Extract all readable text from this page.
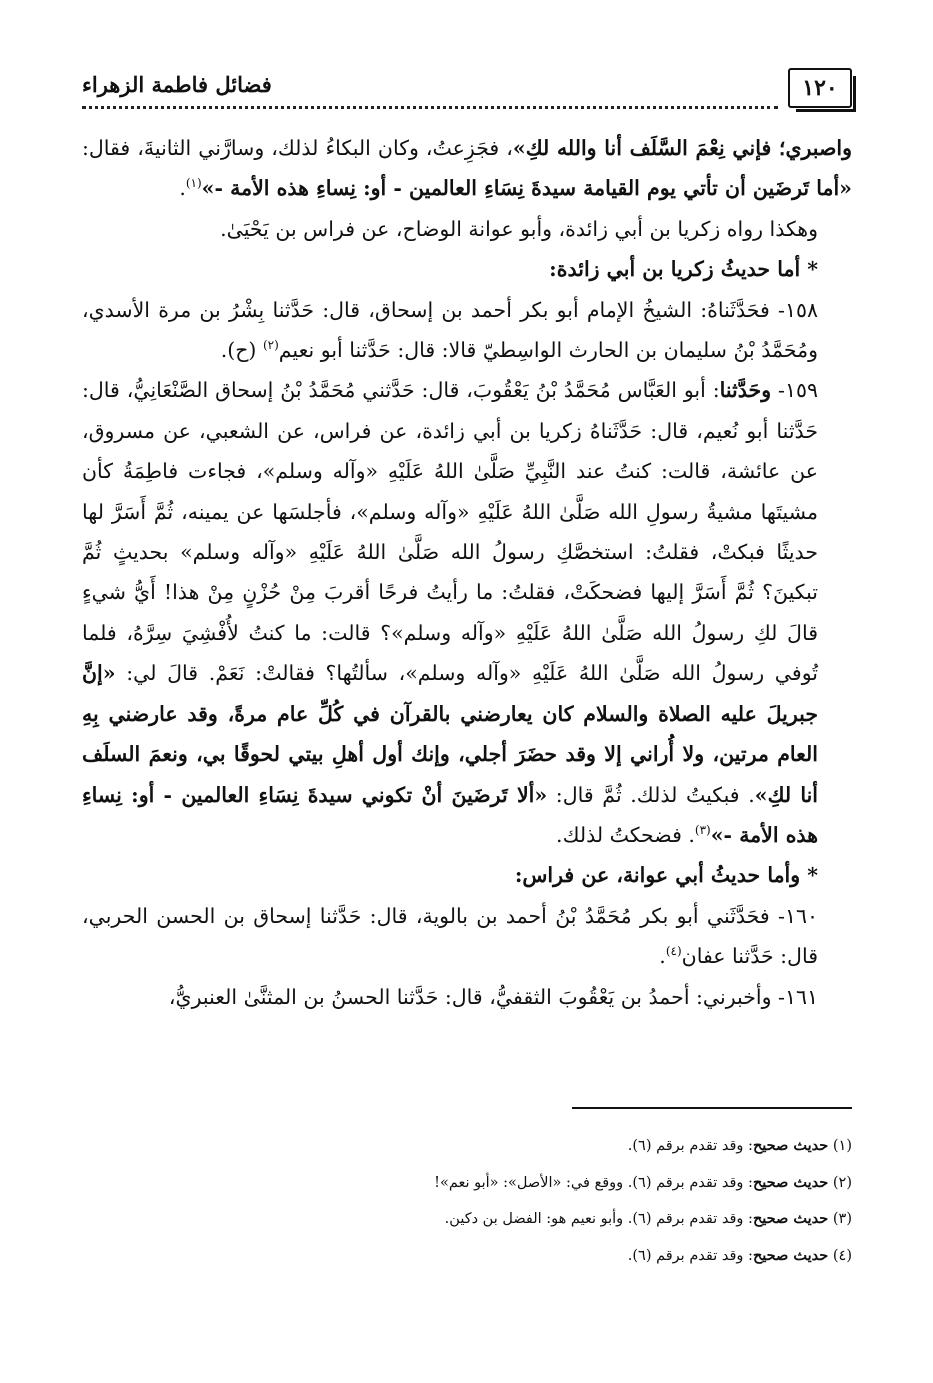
فضائل فاطمة الزهراء	١٢٠

واصبري؛ فإني نِعْمَ السَّلَف أنا والله لكِ»، فجَزِعتُ، وكان البكاءُ لذلك، وسارَّني الثانيةَ، فقال: «أما تَرضَين أن تأتي يوم القيامة سيدةَ نِسَاءِ العالمين - أو: نِساءِ هذه الأمة -»$^{(١)}$.

وهكذا رواه زكريا بن أبي زائدة، وأبو عوانة الوضاح، عن فراس بن يَحْيَىٰ.

* أما حديثُ زكريا بن أبي زائدة:

١٥٨- فحَدَّثَناهُ: الشيخُ الإمام أبو بكر أحمد بن إسحاق، قال: حَدَّثنا بِشْرُ بن مرة الأسدي، ومُحَمَّدُ بْنُ سليمان بن الحارث الواسِطيّ قالا: قال: حَدَّثنا أبو نعيم$^{(٢)}$ (ح).

١٥٩- وحَدَّثنا: أبو العَبَّاس مُحَمَّدُ بْنُ يَعْقُوبَ، قال: حَدَّثني مُحَمَّدُ بْنُ إسحاق الصَّنْعَانِيُّ، قال: حَدَّثنا أبو نُعيم، قال: حَدَّثَناهُ زكريا بن أبي زائدة، عن فراس، عن الشعبي، عن مسروق، عن عائشة، قالت: كنتُ عند النَّبِيِّ صَلَّىٰ اللهُ عَلَيْهِ «وآله وسلم»، فجاءت فاطِمَةُ كأن مشيتَها مشيةُ رسولِ الله صَلَّىٰ اللهُ عَلَيْهِ «وآله وسلم»، فأجلسَها عن يمينه، ثُمَّ أَسَرَّ لها حديثًا فبكتْ، فقلتُ: استخصَّكِ رسولُ الله صَلَّىٰ اللهُ عَلَيْهِ «وآله وسلم» بحديثٍ ثُمَّ تبكينَ؟ ثُمَّ أَسَرَّ إليها فضحكَتْ، فقلتُ: ما رأيتُ فرحًا أقربَ مِنْ حُزْنٍ مِنْ هذا! أَيُّ شيءٍ قالَ لكِ رسولُ الله صَلَّىٰ اللهُ عَلَيْهِ «وآله وسلم»؟ قالت: ما كنتُ لأُفْشِيَ سِرَّهُ، فلما تُوفي رسولُ الله صَلَّىٰ اللهُ عَلَيْهِ «وآله وسلم»، سألتُها؟ فقالتْ: نَعَمْ. قالَ لي: «إنَّ جبريلَ عليه الصلاة والسلام كان يعارضني بالقرآن في كُلِّ عام مرةً، وقد عارضني بِهِ العام مرتين، ولا أُراني إلا وقد حضَرَ أجلي، وإنك أول أهلِ بيتي لحوقًا بي، ونعمَ السلَف أنا لكِ». فبكيتُ لذلك. ثُمَّ قال: «ألا تَرضَينَ أنْ تكوني سيدةَ نِسَاءِ العالمين - أو: نِساءِ هذه الأمة -»$^{(٣)}$. فضحكتُ لذلك.

* وأما حديثُ أبي عوانة، عن فراس:

١٦٠- فحَدَّثَني أبو بكر مُحَمَّدُ بْنُ أحمد بن بالوية، قال: حَدَّثنا إسحاق بن الحسن الحربي، قال: حَدَّثنا عفان$^{(٤)}$.

١٦١- وأخبرني: أحمدُ بن يَعْقُوبَ الثقفيُّ، قال: حَدَّثنا الحسنُ بن المثنَّىٰ العنبريُّ،

(١) حديث صحيح: وقد تقدم برقم (٦).

(٢) حديث صحيح: وقد تقدم برقم (٦). ووقع في: «الأصل»: «أبو نعم»!

(٣) حديث صحيح: وقد تقدم برقم (٦). وأبو نعيم هو: الفضل بن دكين.

(٤) حديث صحيح: وقد تقدم برقم (٦).
